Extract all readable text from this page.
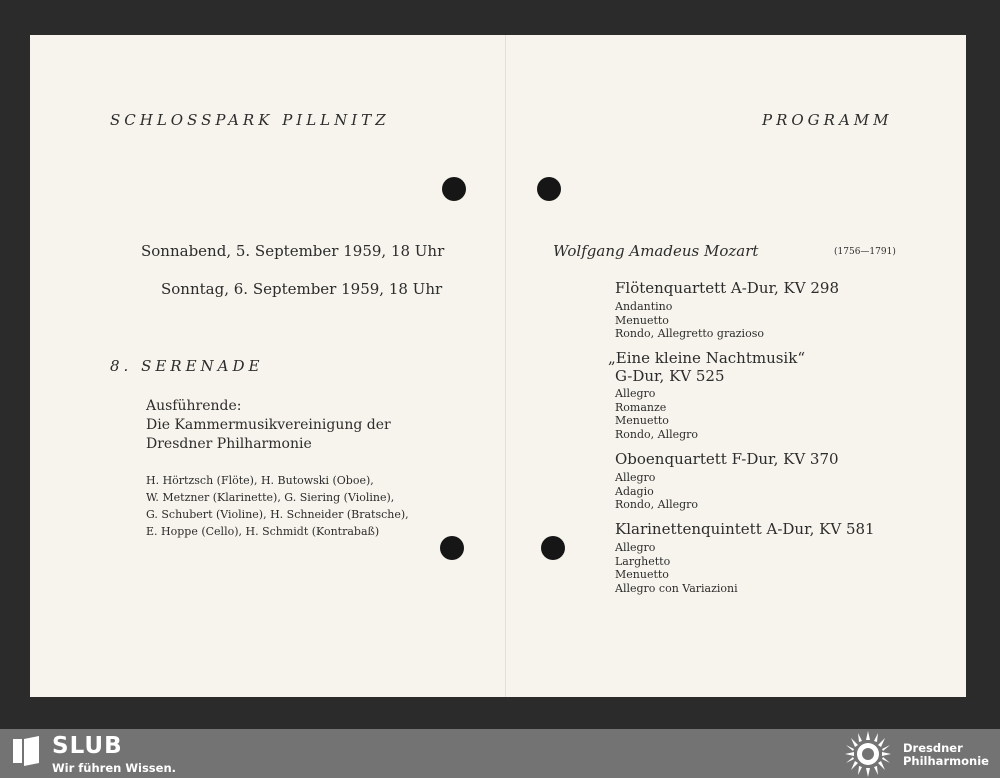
SCHLOSSPARK PILLNITZ
Sonnabend, 5. September 1959, 18 Uhr
Sonntag, 6. September 1959, 18 Uhr
8. SERENADE
Ausführende:
Die Kammermusikvereinigung der
Dresdner Philharmonie
H. Hörtzsch (Flöte), H. Butowski (Oboe),
W. Metzner (Klarinette), G. Siering (Violine),
G. Schubert (Violine), H. Schneider (Bratsche),
E. Hoppe (Cello), H. Schmidt (Kontrabaß)
PROGRAMM
Wolfgang Amadeus Mozart	(1756—1791)
Flötenquartett A-Dur, KV 298
Andantino
Menuetto
Rondo, Allegretto grazioso
„Eine kleine Nachtmusik“
G-Dur, KV 525
Allegro
Romanze
Menuetto
Rondo, Allegro
Oboenquartett F-Dur, KV 370
Allegro
Adagio
Rondo, Allegro
Klarinettenquintett A-Dur, KV 581
Allegro
Larghetto
Menuetto
Allegro con Variazioni
SLUB
Wir führen Wissen.
Dresdner
Philharmonie
